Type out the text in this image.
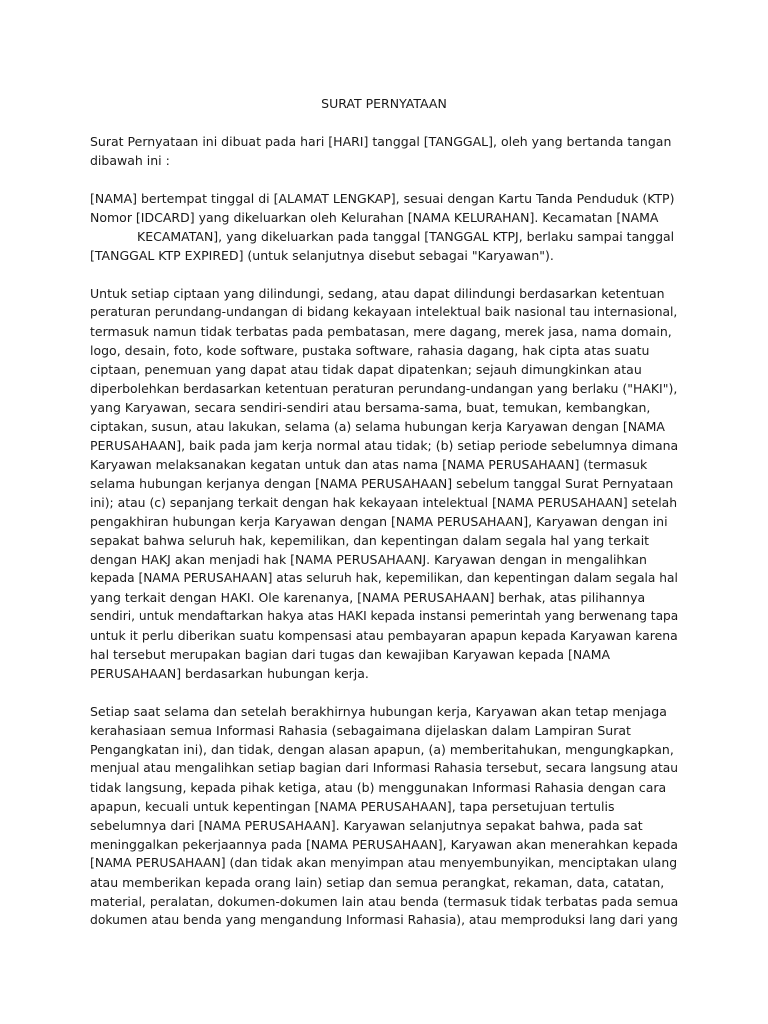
SURAT PERNYATAAN
Surat Pernyataan ini dibuat pada hari [HARI] tanggal [TANGGAL], oleh yang bertanda tangan
dibawah ini :
[NAMA] bertempat tinggal di [ALAMAT LENGKAP], sesuai dengan Kartu Tanda Penduduk (KTP)
Nomor [IDCARD] yang dikeluarkan oleh Kelurahan [NAMA KELURAHAN]. Kecamatan [NAMA
KECAMATAN], yang dikeluarkan pada tanggal [TANGGAL KTPJ, berlaku sampai tanggal
[TANGGAL KTP EXPIRED] (untuk selanjutnya disebut sebagai "Karyawan").
Untuk setiap ciptaan yang dilindungi, sedang, atau dapat dilindungi berdasarkan ketentuan
peraturan perundang-undangan di bidang kekayaan intelektual baik nasional tau internasional,
termasuk namun tidak terbatas pada pembatasan, mere dagang, merek jasa, nama domain,
logo, desain, foto, kode software, pustaka software, rahasia dagang, hak cipta atas suatu
ciptaan, penemuan yang dapat atau tidak dapat dipatenkan; sejauh dimungkinkan atau
diperbolehkan berdasarkan ketentuan peraturan perundang-undangan yang berlaku ("HAKI"),
yang Karyawan, secara sendiri-sendiri atau bersama-sama, buat, temukan, kembangkan,
ciptakan, susun, atau lakukan, selama (a) selama hubungan kerja Karyawan dengan [NAMA
PERUSAHAAN], baik pada jam kerja normal atau tidak; (b) setiap periode sebelumnya dimana
Karyawan melaksanakan kegatan untuk dan atas nama [NAMA PERUSAHAAN] (termasuk
selama hubungan kerjanya dengan [NAMA PERUSAHAAN] sebelum tanggal Surat Pernyataan
ini); atau (c) sepanjang terkait dengan hak kekayaan intelektual [NAMA PERUSAHAAN] setelah
pengakhiran hubungan kerja Karyawan dengan [NAMA PERUSAHAAN], Karyawan dengan ini
sepakat bahwa seluruh hak, kepemilikan, dan kepentingan dalam segala hal yang terkait
dengan HAKJ akan menjadi hak [NAMA PERUSAHAANJ. Karyawan dengan in mengalihkan
kepada [NAMA PERUSAHAAN] atas seluruh hak, kepemilikan, dan kepentingan dalam segala hal
yang terkait dengan HAKI. Ole karenanya, [NAMA PERUSAHAAN] berhak, atas pilihannya
sendiri, untuk mendaftarkan hakya atas HAKI kepada instansi pemerintah yang berwenang tapa
untuk it perlu diberikan suatu kompensasi atau pembayaran apapun kepada Karyawan karena
hal tersebut merupakan bagian dari tugas dan kewajiban Karyawan kepada [NAMA
PERUSAHAAN] berdasarkan hubungan kerja.
Setiap saat selama dan setelah berakhirnya hubungan kerja, Karyawan akan tetap menjaga
kerahasiaan semua Informasi Rahasia (sebagaimana dijelaskan dalam Lampiran Surat
Pengangkatan ini), dan tidak, dengan alasan apapun, (a) memberitahukan, mengungkapkan,
menjual atau mengalihkan setiap bagian dari Informasi Rahasia tersebut, secara langsung atau
tidak langsung, kepada pihak ketiga, atau (b) menggunakan Informasi Rahasia dengan cara
apapun, kecuali untuk kepentingan [NAMA PERUSAHAAN], tapa persetujuan tertulis
sebelumnya dari [NAMA PERUSAHAAN]. Karyawan selanjutnya sepakat bahwa, pada sat
meninggalkan pekerjaannya pada [NAMA PERUSAHAAN], Karyawan akan menerahkan kepada
[NAMA PERUSAHAAN] (dan tidak akan menyimpan atau menyembunyikan, menciptakan ulang
atau memberikan kepada orang lain) setiap dan semua perangkat, rekaman, data, catatan,
material, peralatan, dokumen-dokumen lain atau benda (termasuk tidak terbatas pada semua
dokumen atau benda yang mengandung Informasi Rahasia), atau memproduksi lang dari yang
